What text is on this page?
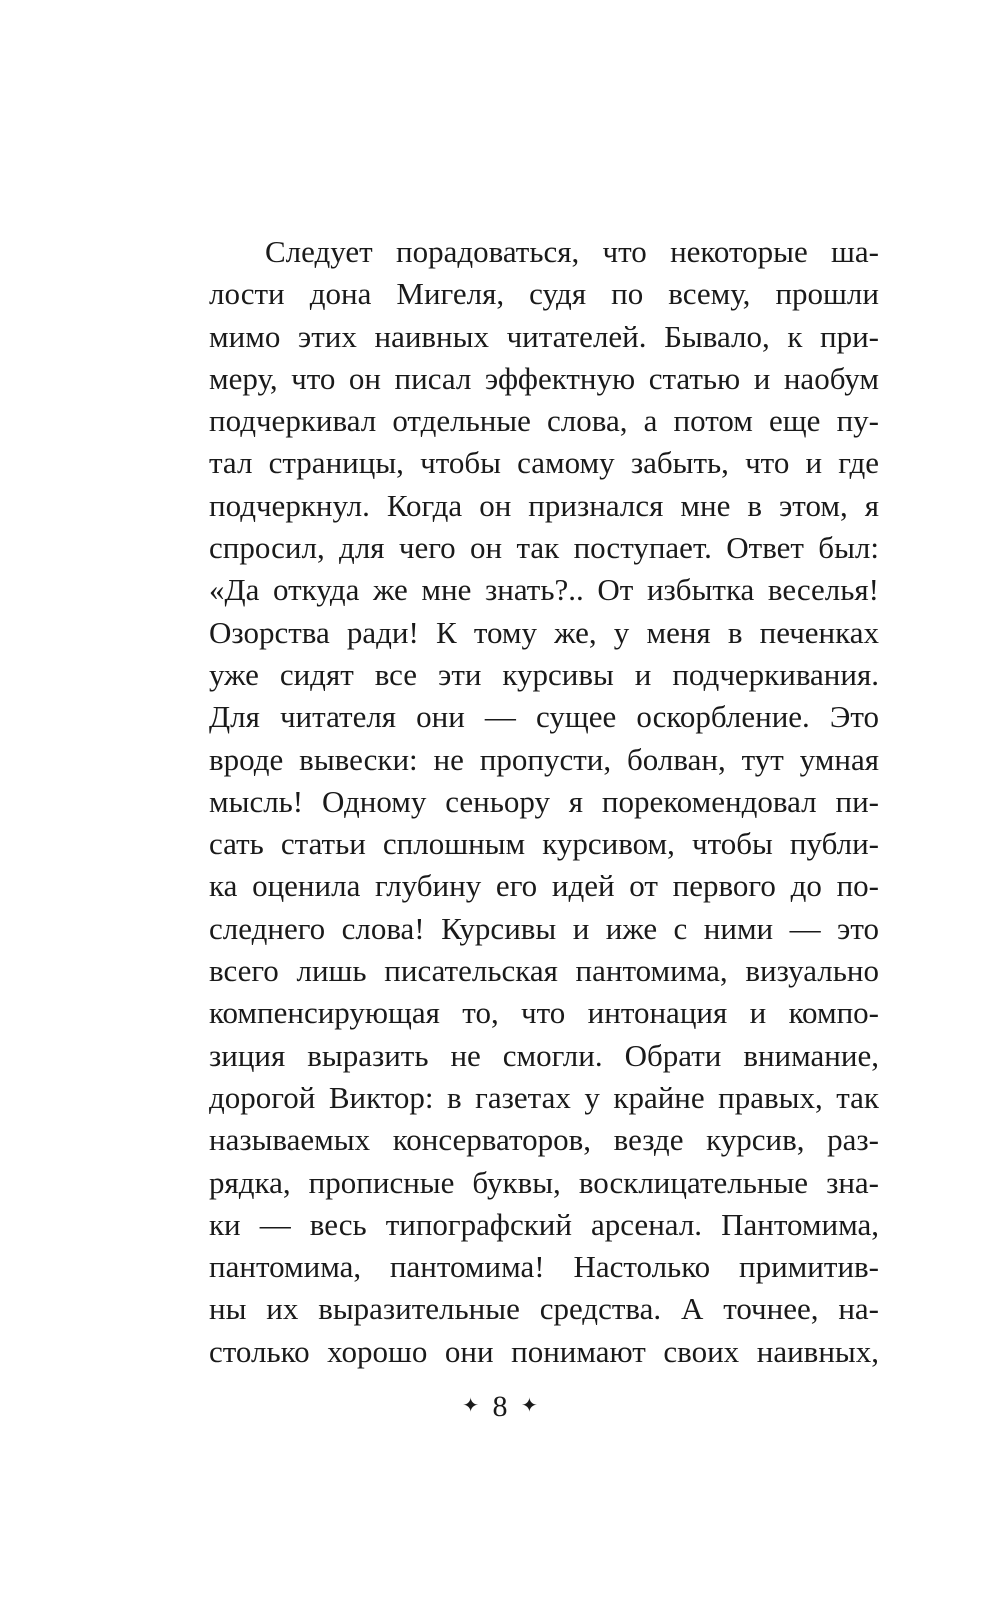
Следует порадоваться, что некоторые ша-
лости дона Мигеля, судя по всему, прошли
мимо этих наивных читателей. Бывало, к при-
меру, что он писал эффектную статью и наобум
подчеркивал отдельные слова, а потом еще пу-
тал страницы, чтобы самому забыть, что и где
подчеркнул. Когда он признался мне в этом, я
спросил, для чего он так поступает. Ответ был:
«Да откуда же мне знать?.. От избытка веселья!
Озорства ради! К тому же, у меня в печенках
уже сидят все эти курсивы и подчеркивания.
Для читателя они — сущее оскорбление. Это
вроде вывески: не пропусти, болван, тут умная
мысль! Одному сеньору я порекомендовал пи-
сать статьи сплошным курсивом, чтобы публи-
ка оценила глубину его идей от первого до по-
следнего слова! Курсивы и иже с ними — это
всего лишь писательская пантомима, визуально
компенсирующая то, что интонация и компо-
зиция выразить не смогли. Обрати внимание,
дорогой Виктор: в газетах у крайне правых, так
называемых консерваторов, везде курсив, раз-
рядка, прописные буквы, восклицательные зна-
ки — весь типографский арсенал. Пантомима,
пантомима, пантомима! Настолько примитив-
ны их выразительные средства. А точнее, на-
столько хорошо они понимают своих наивных,
✦ 8 ✦
